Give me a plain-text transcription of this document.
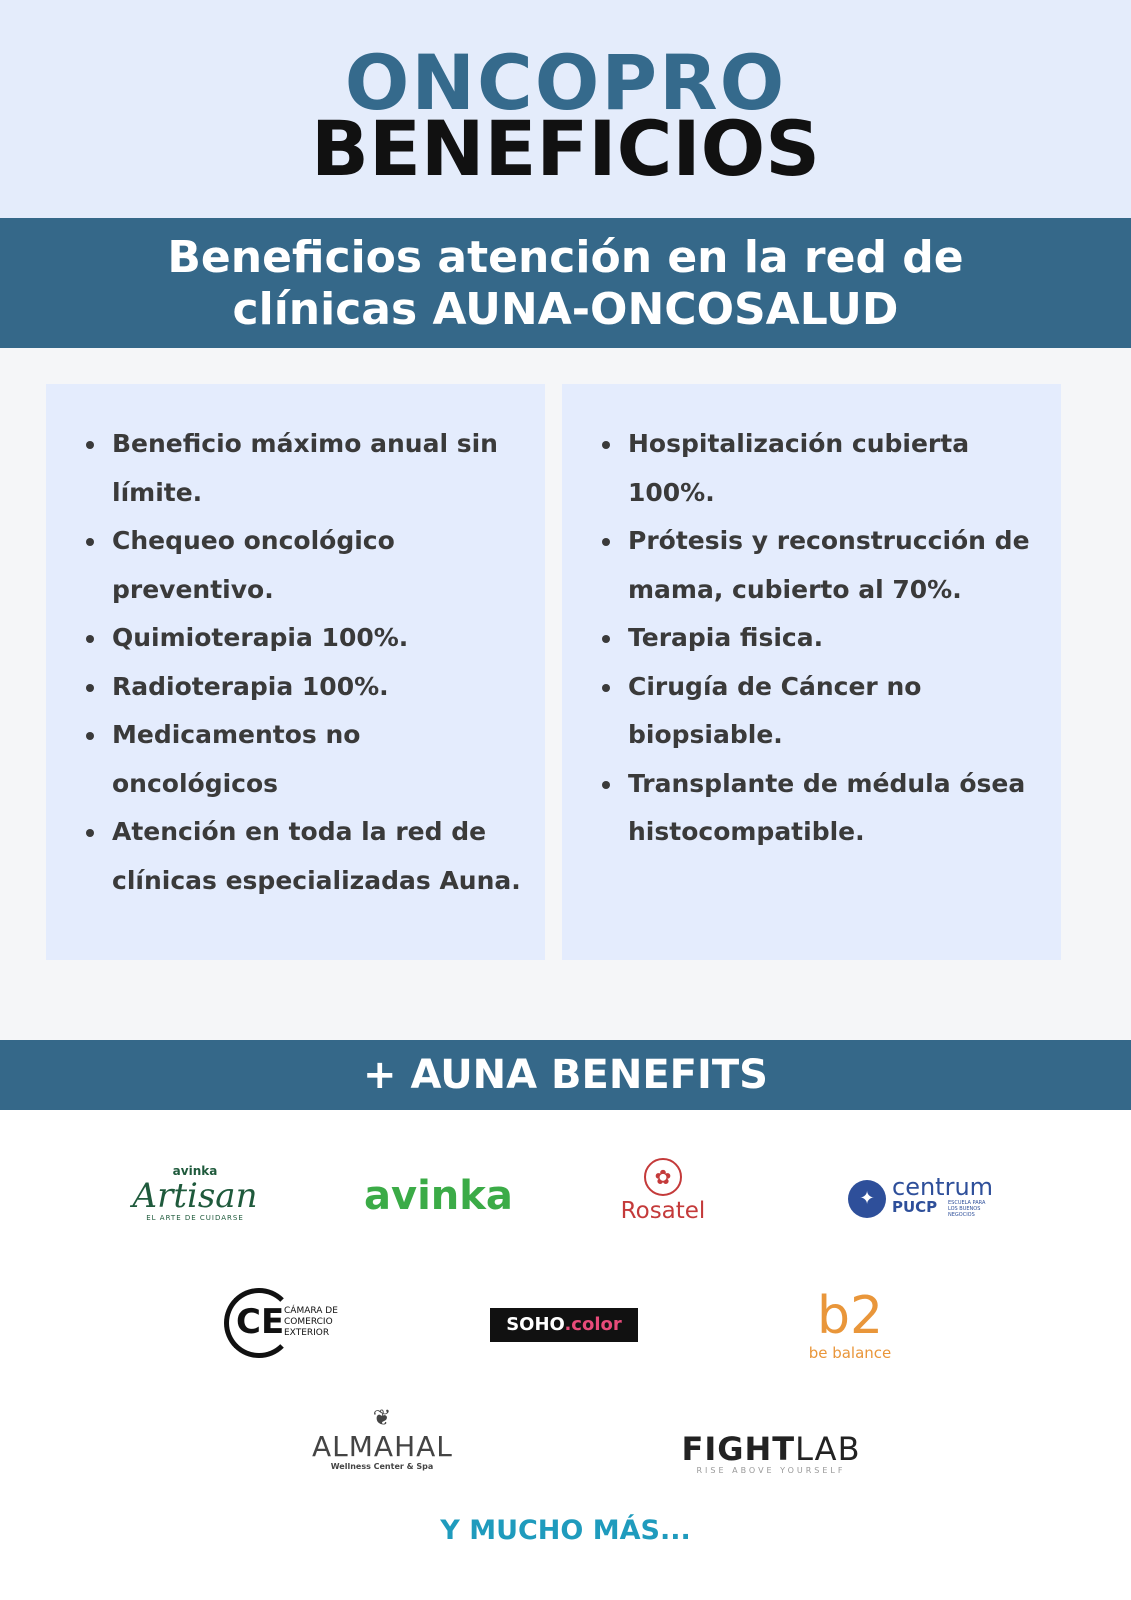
ONCOPRO
BENEFICIOS
Beneficios atención en la red de
clínicas AUNA-ONCOSALUD
Beneficio máximo anual sin límite.
Chequeo oncológico preventivo.
Quimioterapia 100%.
Radioterapia 100%.
Medicamentos no oncológicos
Atención en toda la red de clínicas especializadas Auna.
Hospitalización cubierta 100%.
Prótesis y reconstrucción de mama, cubierto al 70%.
Terapia fisica.
Cirugía de Cáncer no biopsiable.
Transplante de médula ósea histocompatible.
+ AUNA BENEFITS
avinka
Artisan
EL ARTE DE CUIDARSE	avinka	✿
Rosatel	✦ centrum
PUCP ESCUELA PARA LOS BUENOS NEGOCIOS
CE CÁMARA DE COMERCIO EXTERIOR	SOHO.color	b2
be balance
❦
ALMAHAL
Wellness Center & Spa	FIGHTLAB
RISE ABOVE YOURSELF
Y MUCHO MÁS...
